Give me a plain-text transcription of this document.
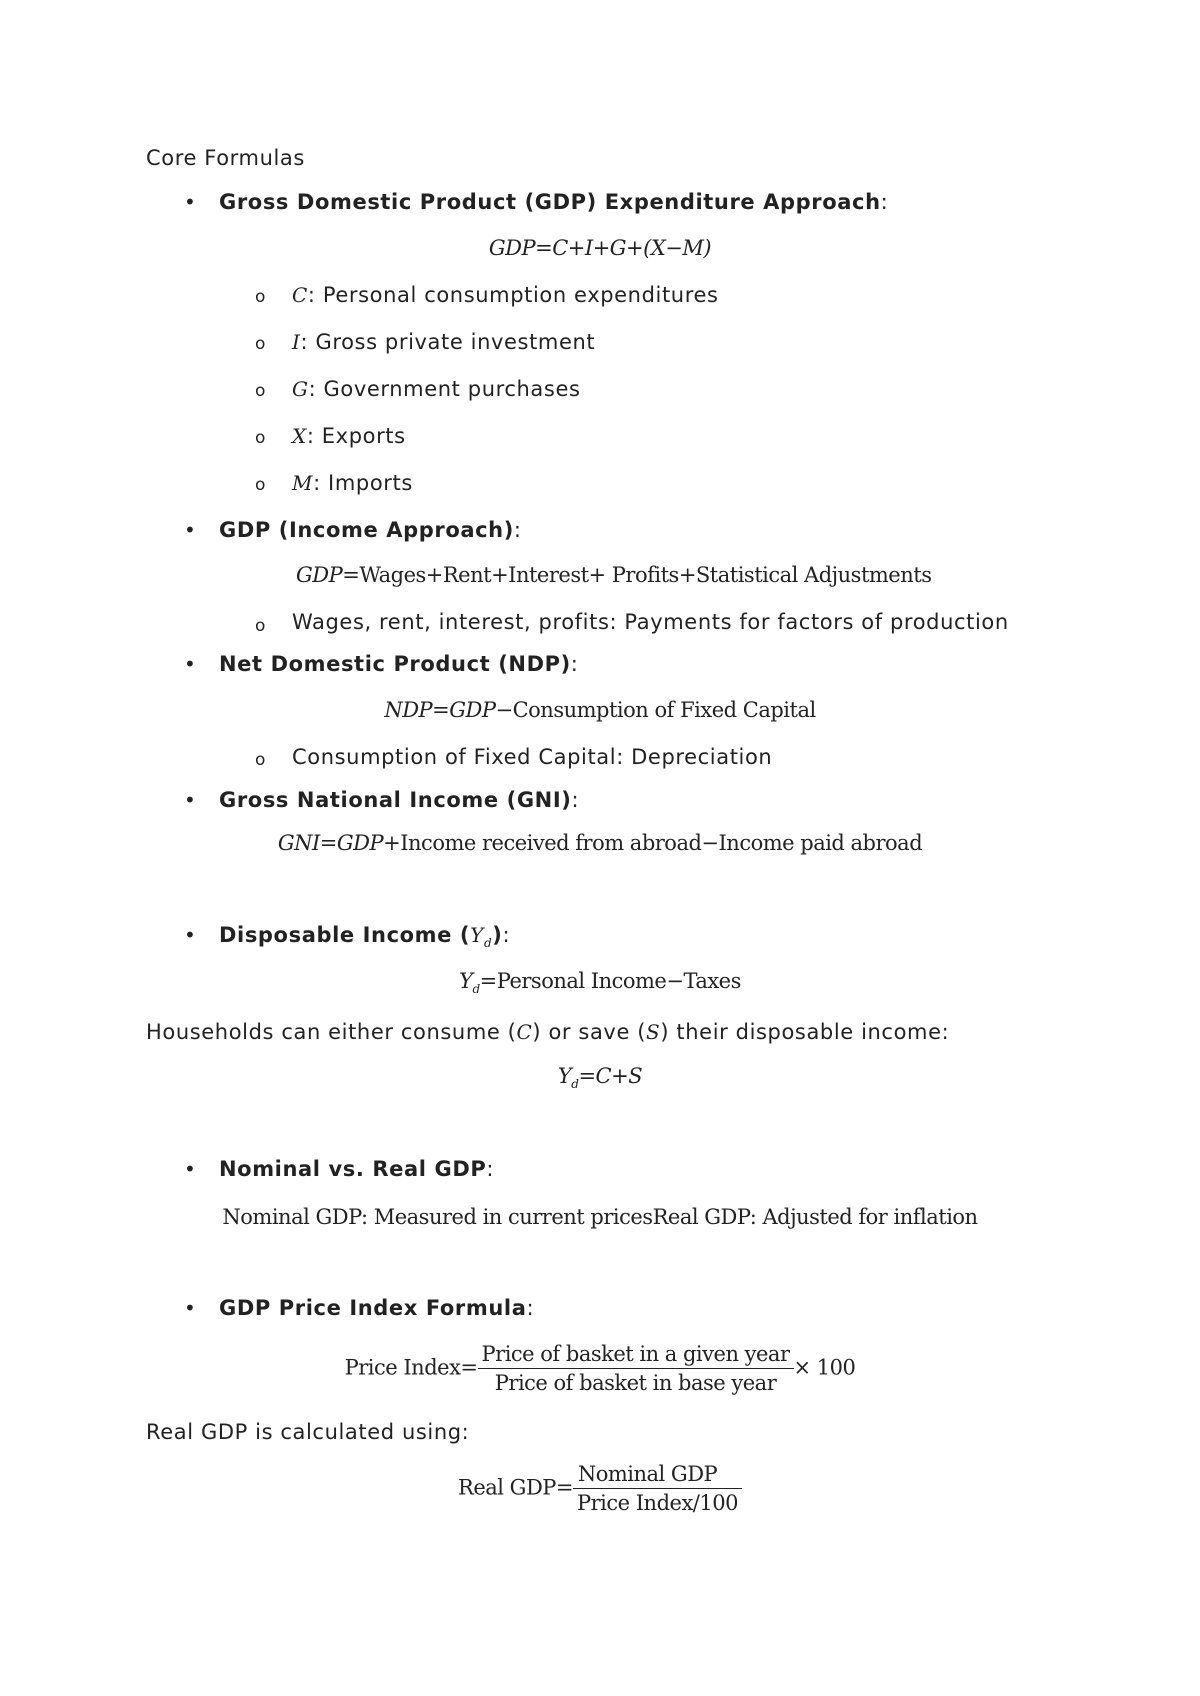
Core Formulas
• Gross Domestic Product (GDP) Expenditure Approach:
GDP=C+I+G+(X−M)
o C: Personal consumption expenditures
o I: Gross private investment
o G: Government purchases
o X: Exports
o M: Imports
• GDP (Income Approach):
GDP=Wages+Rent+Interest+ Profits+Statistical Adjustments
o Wages, rent, interest, profits: Payments for factors of production
• Net Domestic Product (NDP):
NDP=GDP−Consumption of Fixed Capital
o Consumption of Fixed Capital: Depreciation
• Gross National Income (GNI):
GNI=GDP+Income received from abroad−Income paid abroad
• Disposable Income $(Y_d)$:
$Y_d=Personal$ Income−Taxes
Households can either consume (C) or save (S) their disposable income:
$Y_d=C+S$
• Nominal vs. Real GDP:
Nominal GDP: Measured in current pricesReal GDP: Adjusted for inflation
• GDP Price Index Formula:
Price Index= $\frac{\text{Price of basket in a given year}}{\text{Price of basket in base year}} \times 100$
Real GDP is calculated using:
Real $GDP= \frac{\text{Nominal GDP}}{\text{Price Index/100}}$
